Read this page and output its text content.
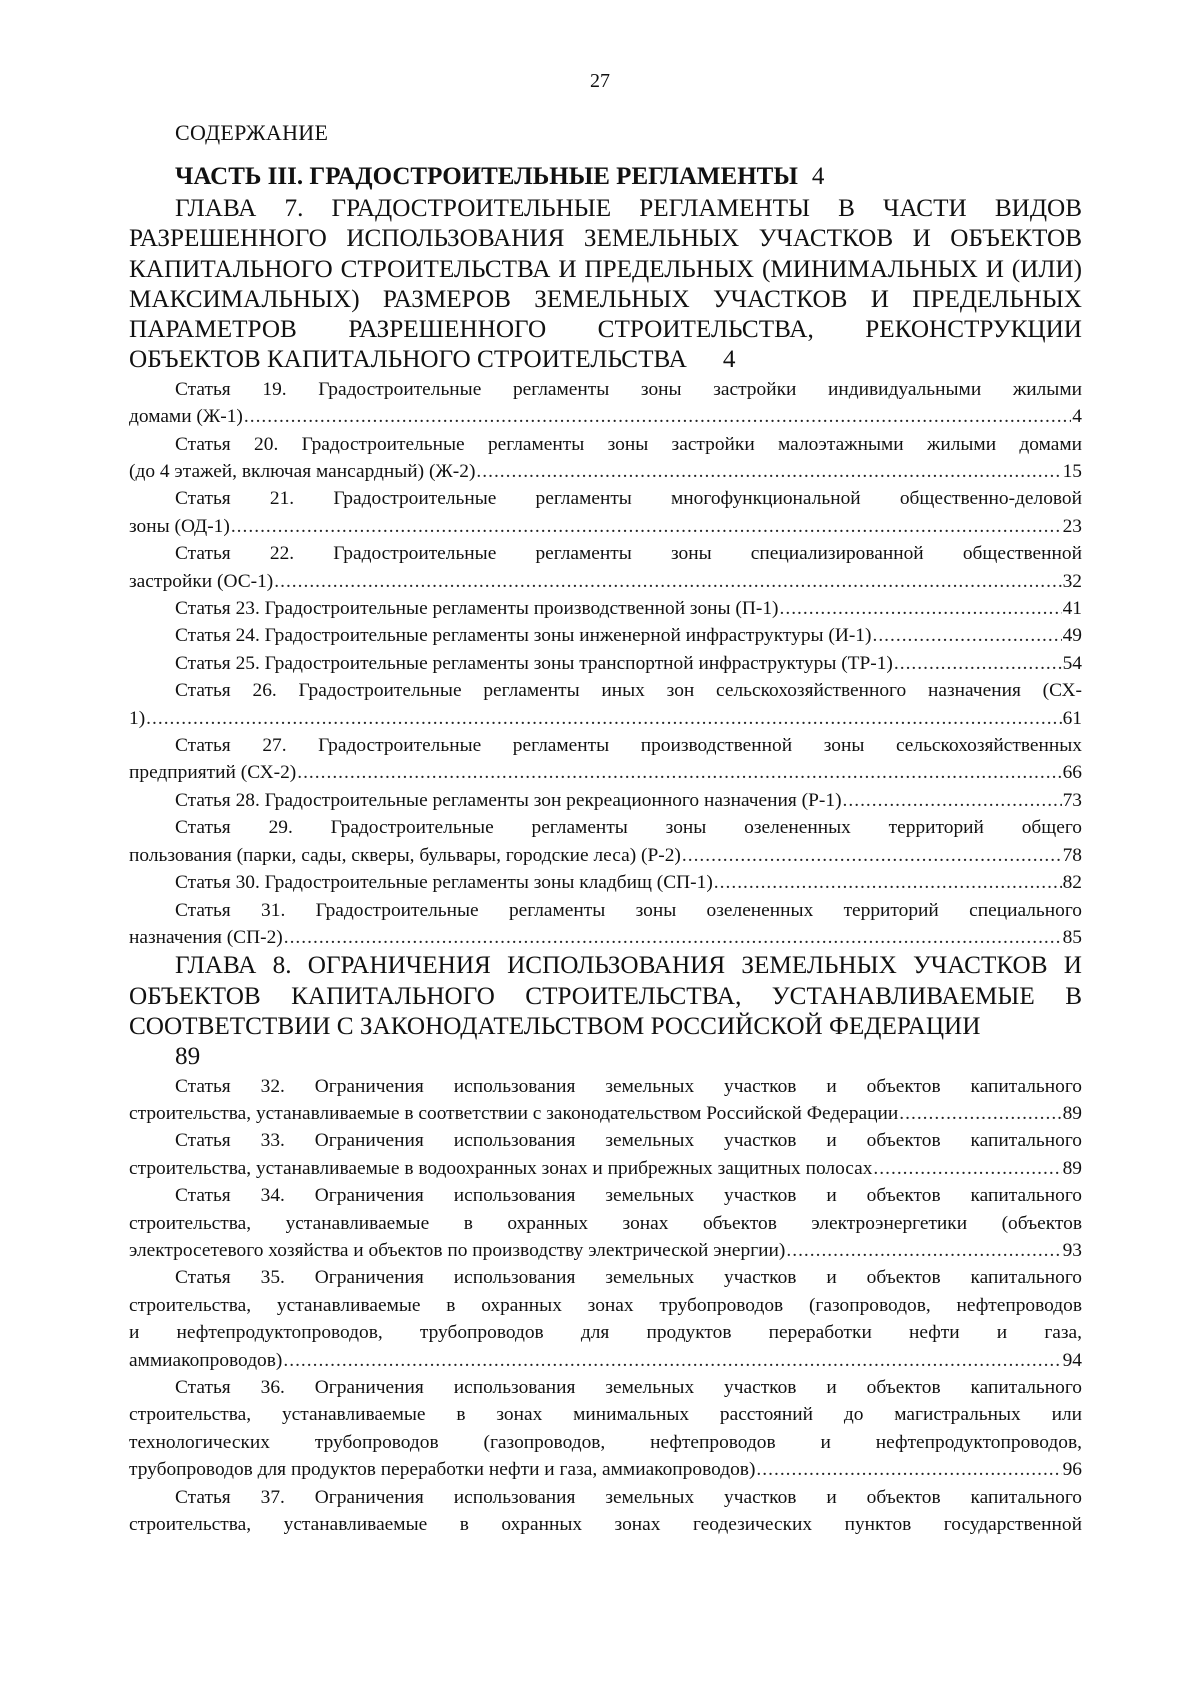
27
СОДЕРЖАНИЕ
ЧАСТЬ III. ГРАДОСТРОИТЕЛЬНЫЕ РЕГЛАМЕНТЫ 4

ГЛАВА 7. ГРАДОСТРОИТЕЛЬНЫЕ РЕГЛАМЕНТЫ В ЧАСТИ ВИДОВ РАЗРЕШЕННОГО ИСПОЛЬЗОВАНИЯ ЗЕМЕЛЬНЫХ УЧАСТКОВ И ОБЪЕКТОВ КАПИТАЛЬНОГО СТРОИТЕЛЬСТВА И ПРЕДЕЛЬНЫХ (МИНИМАЛЬНЫХ И (ИЛИ) МАКСИМАЛЬНЫХ) РАЗМЕРОВ ЗЕМЕЛЬНЫХ УЧАСТКОВ И ПРЕДЕЛЬНЫХ ПАРАМЕТРОВ РАЗРЕШЕННОГО СТРОИТЕЛЬСТВА, РЕКОНСТРУКЦИИ ОБЪЕКТОВ КАПИТАЛЬНОГО СТРОИТЕЛЬСТВА 4

Статья 19. Градостроительные регламенты зоны застройки индивидуальными жилыми

домами (Ж-1) .....	4

Статья 20. Градостроительные регламенты зоны застройки малоэтажными жилыми домами

(до 4 этажей, включая мансардный) (Ж-2) .....	15

Статья 21. Градостроительные регламенты многофункциональной общественно-деловой

зоны (ОД-1) .....	23

Статья 22. Градостроительные регламенты зоны специализированной общественной

застройки (ОС-1) .....	32

Статья 23. Градостроительные регламенты производственной зоны (П-1) .....	41

Статья 24. Градостроительные регламенты зоны инженерной инфраструктуры (И-1) .....	49

Статья 25. Градостроительные регламенты зоны транспортной инфраструктуры (ТР-1) .....	54

Статья 26. Градостроительные регламенты иных зон сельскохозяйственного назначения (СХ-

1) .....	61

Статья 27. Градостроительные регламенты производственной зоны сельскохозяйственных

предприятий (СХ-2) .....	66

Статья 28. Градостроительные регламенты зон рекреационного назначения (Р-1) .....	73

Статья 29. Градостроительные регламенты зоны озелененных территорий общего

пользования (парки, сады, скверы, бульвары, городские леса) (Р-2) .....	78

Статья 30. Градостроительные регламенты зоны кладбищ (СП-1) .....	82

Статья 31. Градостроительные регламенты зоны озелененных территорий специального

назначения (СП-2) .....	85

ГЛАВА 8. ОГРАНИЧЕНИЯ ИСПОЛЬЗОВАНИЯ ЗЕМЕЛЬНЫХ УЧАСТКОВ И ОБЪЕКТОВ КАПИТАЛЬНОГО СТРОИТЕЛЬСТВА, УСТАНАВЛИВАЕМЫЕ В СООТВЕТСТВИИ С ЗАКОНОДАТЕЛЬСТВОМ РОССИЙСКОЙ ФЕДЕРАЦИИ
89

Статья 32. Ограничения использования земельных участков и объектов капитального

строительства, устанавливаемые в соответствии с законодательством Российской Федерации .....	89

Статья 33. Ограничения использования земельных участков и объектов капитального

строительства, устанавливаемые в водоохранных зонах и прибрежных защитных полосах .....	89

Статья 34. Ограничения использования земельных участков и объектов капитального

строительства, устанавливаемые в охранных зонах объектов электроэнергетики (объектов

электросетевого хозяйства и объектов по производству электрической энергии) .....	93

Статья 35. Ограничения использования земельных участков и объектов капитального

строительства, устанавливаемые в охранных зонах трубопроводов (газопроводов, нефтепроводов

и нефтепродуктопроводов, трубопроводов для продуктов переработки нефти и газа,

аммиакопроводов) .....	94

Статья 36. Ограничения использования земельных участков и объектов капитального

строительства, устанавливаемые в зонах минимальных расстояний до магистральных или

технологических трубопроводов (газопроводов, нефтепроводов и нефтепродуктопроводов,

трубопроводов для продуктов переработки нефти и газа, аммиакопроводов) .....	96

Статья 37. Ограничения использования земельных участков и объектов капитального

строительства, устанавливаемые в охранных зонах геодезических пунктов государственной
